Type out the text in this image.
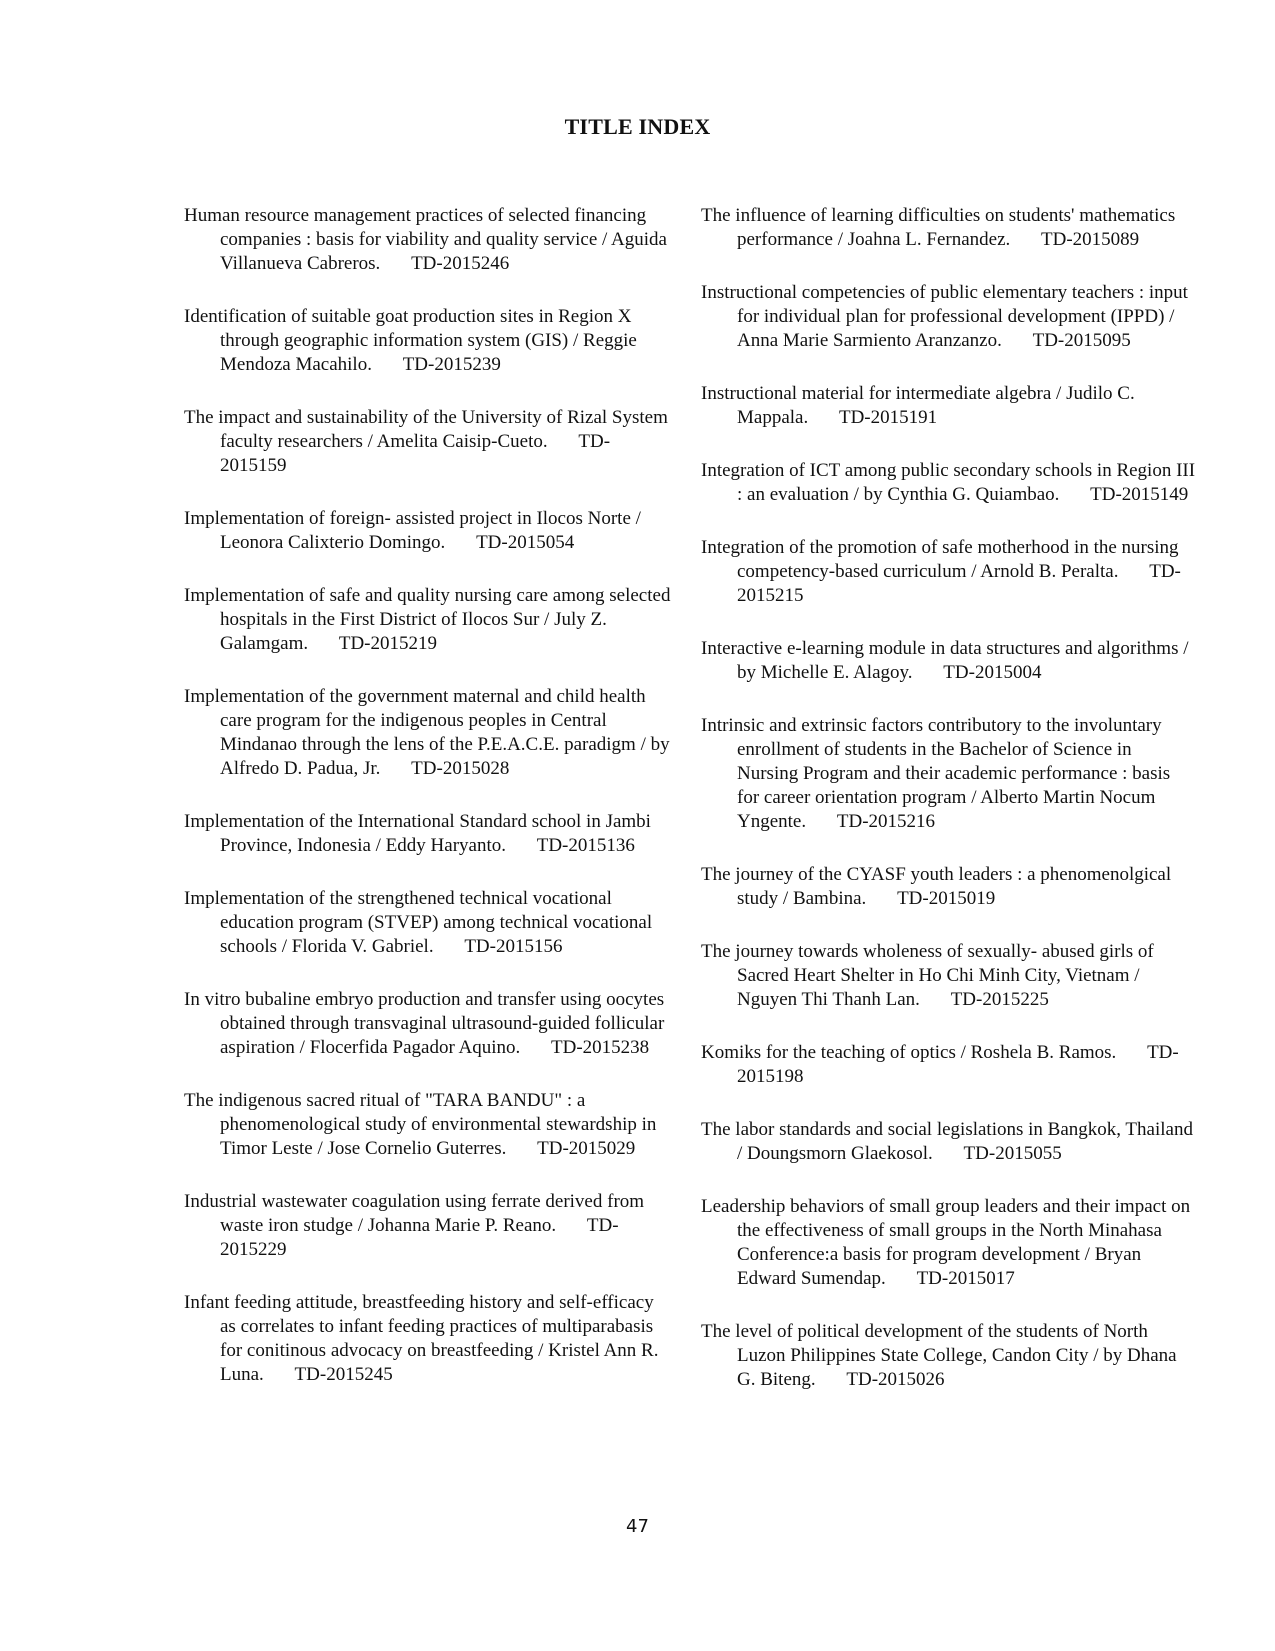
TITLE INDEX

Human resource management practices of selected financing companies : basis for viability and quality service / Aguida Villanueva Cabreros. TD-2015246

Identification of suitable goat production sites in Region X through geographic information system (GIS) / Reggie Mendoza Macahilo. TD-2015239

The impact and sustainability of the University of Rizal System faculty researchers / Amelita Caisip-Cueto. TD-2015159

Implementation of foreign- assisted project in Ilocos Norte / Leonora Calixterio Domingo. TD-2015054

Implementation of safe and quality nursing care among selected hospitals in the First District of Ilocos Sur / July Z. Galamgam. TD-2015219

Implementation of the government maternal and child health care program for the indigenous peoples in Central Mindanao through the lens of the P.E.A.C.E. paradigm / by Alfredo D. Padua, Jr. TD-2015028

Implementation of the International Standard school in Jambi Province, Indonesia / Eddy Haryanto. TD-2015136

Implementation of the strengthened technical vocational education program (STVEP) among technical vocational schools / Florida V. Gabriel. TD-2015156

In vitro bubaline embryo production and transfer using oocytes obtained through transvaginal ultrasound-guided follicular aspiration / Flocerfida Pagador Aquino. TD-2015238

The indigenous sacred ritual of "TARA BANDU" : a phenomenological study of environmental stewardship in Timor Leste / Jose Cornelio Guterres. TD-2015029

Industrial wastewater coagulation using ferrate derived from waste iron studge / Johanna Marie P. Reano. TD-2015229

Infant feeding attitude, breastfeeding history and self-efficacy as correlates to infant feeding practices of multiparabasis for conitinous advocacy on breastfeeding / Kristel Ann R. Luna. TD-2015245

The influence of learning difficulties on students' mathematics performance / Joahna L. Fernandez. TD-2015089

Instructional competencies of public elementary teachers : input for individual plan for professional development (IPPD) / Anna Marie Sarmiento Aranzanzo. TD-2015095

Instructional material for intermediate algebra / Judilo C. Mappala. TD-2015191

Integration of ICT among public secondary schools in Region III : an evaluation / by Cynthia G. Quiambao. TD-2015149

Integration of the promotion of safe motherhood in the nursing competency-based curriculum / Arnold B. Peralta. TD-2015215

Interactive e-learning module in data structures and algorithms / by Michelle E. Alagoy. TD-2015004

Intrinsic and extrinsic factors contributory to the involuntary enrollment of students in the Bachelor of Science in Nursing Program and their academic performance : basis for career orientation program / Alberto Martin Nocum Yngente. TD-2015216

The journey of the CYASF youth leaders : a phenomenolgical study / Bambina. TD-2015019

The journey towards wholeness of sexually- abused girls of Sacred Heart Shelter in Ho Chi Minh City, Vietnam / Nguyen Thi Thanh Lan. TD-2015225

Komiks for the teaching of optics / Roshela B. Ramos. TD-2015198

The labor standards and social legislations in Bangkok, Thailand / Doungsmorn Glaekosol. TD-2015055

Leadership behaviors of small group leaders and their impact on the effectiveness of small groups in the North Minahasa Conference:a basis for program development / Bryan Edward Sumendap. TD-2015017

The level of political development of the students of North Luzon Philippines State College, Candon City / by Dhana G. Biteng. TD-2015026

47
